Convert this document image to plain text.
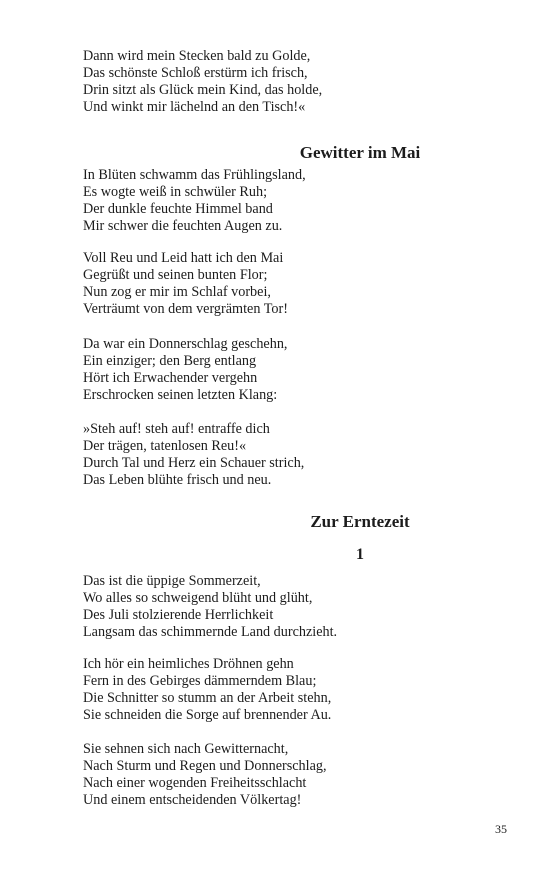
Dann wird mein Stecken bald zu Golde,
Das schönste Schloß erstürm ich frisch,
Drin sitzt als Glück mein Kind, das holde,
Und winkt mir lächelnd an den Tisch!«
Gewitter im Mai
In Blüten schwamm das Frühlingsland,
Es wogte weiß in schwüler Ruh;
Der dunkle feuchte Himmel band
Mir schwer die feuchten Augen zu.
Voll Reu und Leid hatt ich den Mai
Gegrüßt und seinen bunten Flor;
Nun zog er mir im Schlaf vorbei,
Verträumt von dem vergrämten Tor!
Da war ein Donnerschlag geschehn,
Ein einziger; den Berg entlang
Hört ich Erwachender vergehn
Erschrocken seinen letzten Klang:
»Steh auf! steh auf! entraffe dich
Der trägen, tatenlosen Reu!«
Durch Tal und Herz ein Schauer strich,
Das Leben blühte frisch und neu.
Zur Erntezeit
1
Das ist die üppige Sommerzeit,
Wo alles so schweigend blüht und glüht,
Des Juli stolzierende Herrlichkeit
Langsam das schimmernde Land durchzieht.
Ich hör ein heimliches Dröhnen gehn
Fern in des Gebirges dämmerndem Blau;
Die Schnitter so stumm an der Arbeit stehn,
Sie schneiden die Sorge auf brennender Au.
Sie sehnen sich nach Gewitternacht,
Nach Sturm und Regen und Donnerschlag,
Nach einer wogenden Freiheitsschlacht
Und einem entscheidenden Völkertag!
35
